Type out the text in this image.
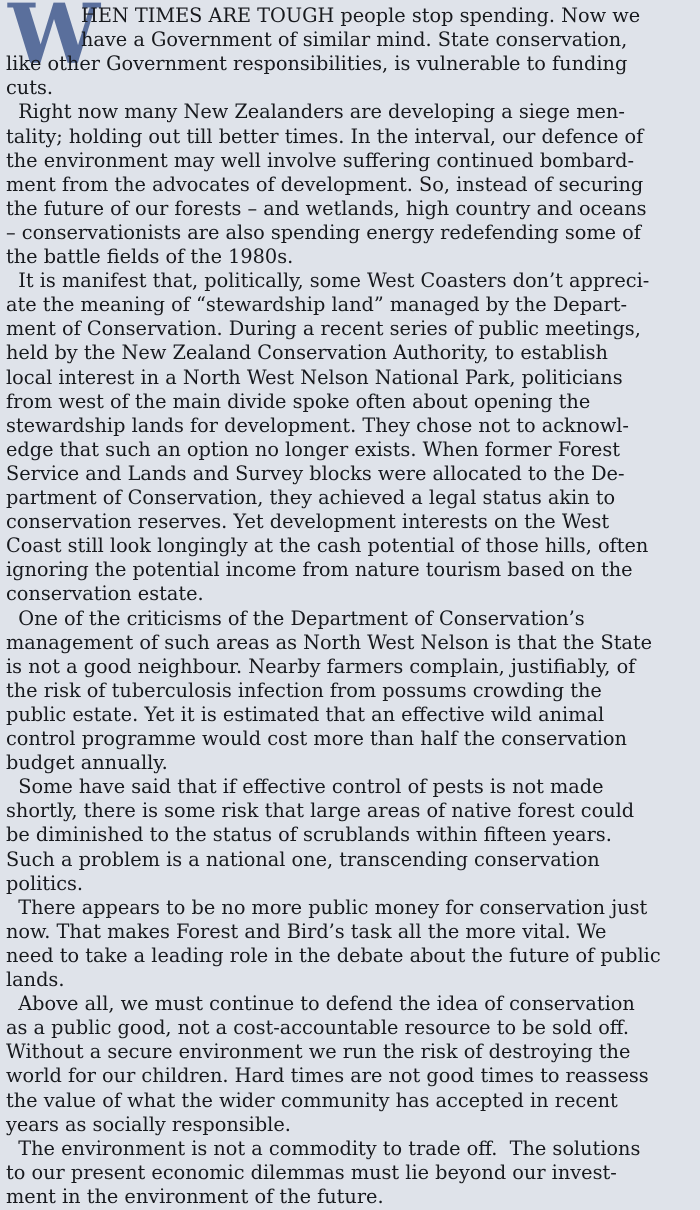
W
HEN TIMES ARE TOUGH people stop spending. Now we
have a Government of similar mind. State conservation,
like other Government responsibilities, is vulnerable to funding
cuts.
Right now many New Zealanders are developing a siege men-
tality; holding out till better times. In the interval, our defence of
the environment may well involve suffering continued bombard-
ment from the advocates of development. So, instead of securing
the future of our forests – and wetlands, high country and oceans
– conservationists are also spending energy redefending some of
the battle fields of the 1980s.
It is manifest that, politically, some West Coasters don’t appreci-
ate the meaning of “stewardship land” managed by the Depart-
ment of Conservation. During a recent series of public meetings,
held by the New Zealand Conservation Authority, to establish
local interest in a North West Nelson National Park, politicians
from west of the main divide spoke often about opening the
stewardship lands for development. They chose not to acknowl-
edge that such an option no longer exists. When former Forest
Service and Lands and Survey blocks were allocated to the De-
partment of Conservation, they achieved a legal status akin to
conservation reserves. Yet development interests on the West
Coast still look longingly at the cash potential of those hills, often
ignoring the potential income from nature tourism based on the
conservation estate.
One of the criticisms of the Department of Conservation’s
management of such areas as North West Nelson is that the State
is not a good neighbour. Nearby farmers complain, justifiably, of
the risk of tuberculosis infection from possums crowding the
public estate. Yet it is estimated that an effective wild animal
control programme would cost more than half the conservation
budget annually.
Some have said that if effective control of pests is not made
shortly, there is some risk that large areas of native forest could
be diminished to the status of scrublands within fifteen years.
Such a problem is a national one, transcending conservation
politics.
There appears to be no more public money for conservation just
now. That makes Forest and Bird’s task all the more vital. We
need to take a leading role in the debate about the future of public
lands.
Above all, we must continue to defend the idea of conservation
as a public good, not a cost-accountable resource to be sold off.
Without a secure environment we run the risk of destroying the
world for our children. Hard times are not good times to reassess
the value of what the wider community has accepted in recent
years as socially responsible.
The environment is not a commodity to trade off.  The solutions
to our present economic dilemmas must lie beyond our invest-
ment in the environment of the future.
